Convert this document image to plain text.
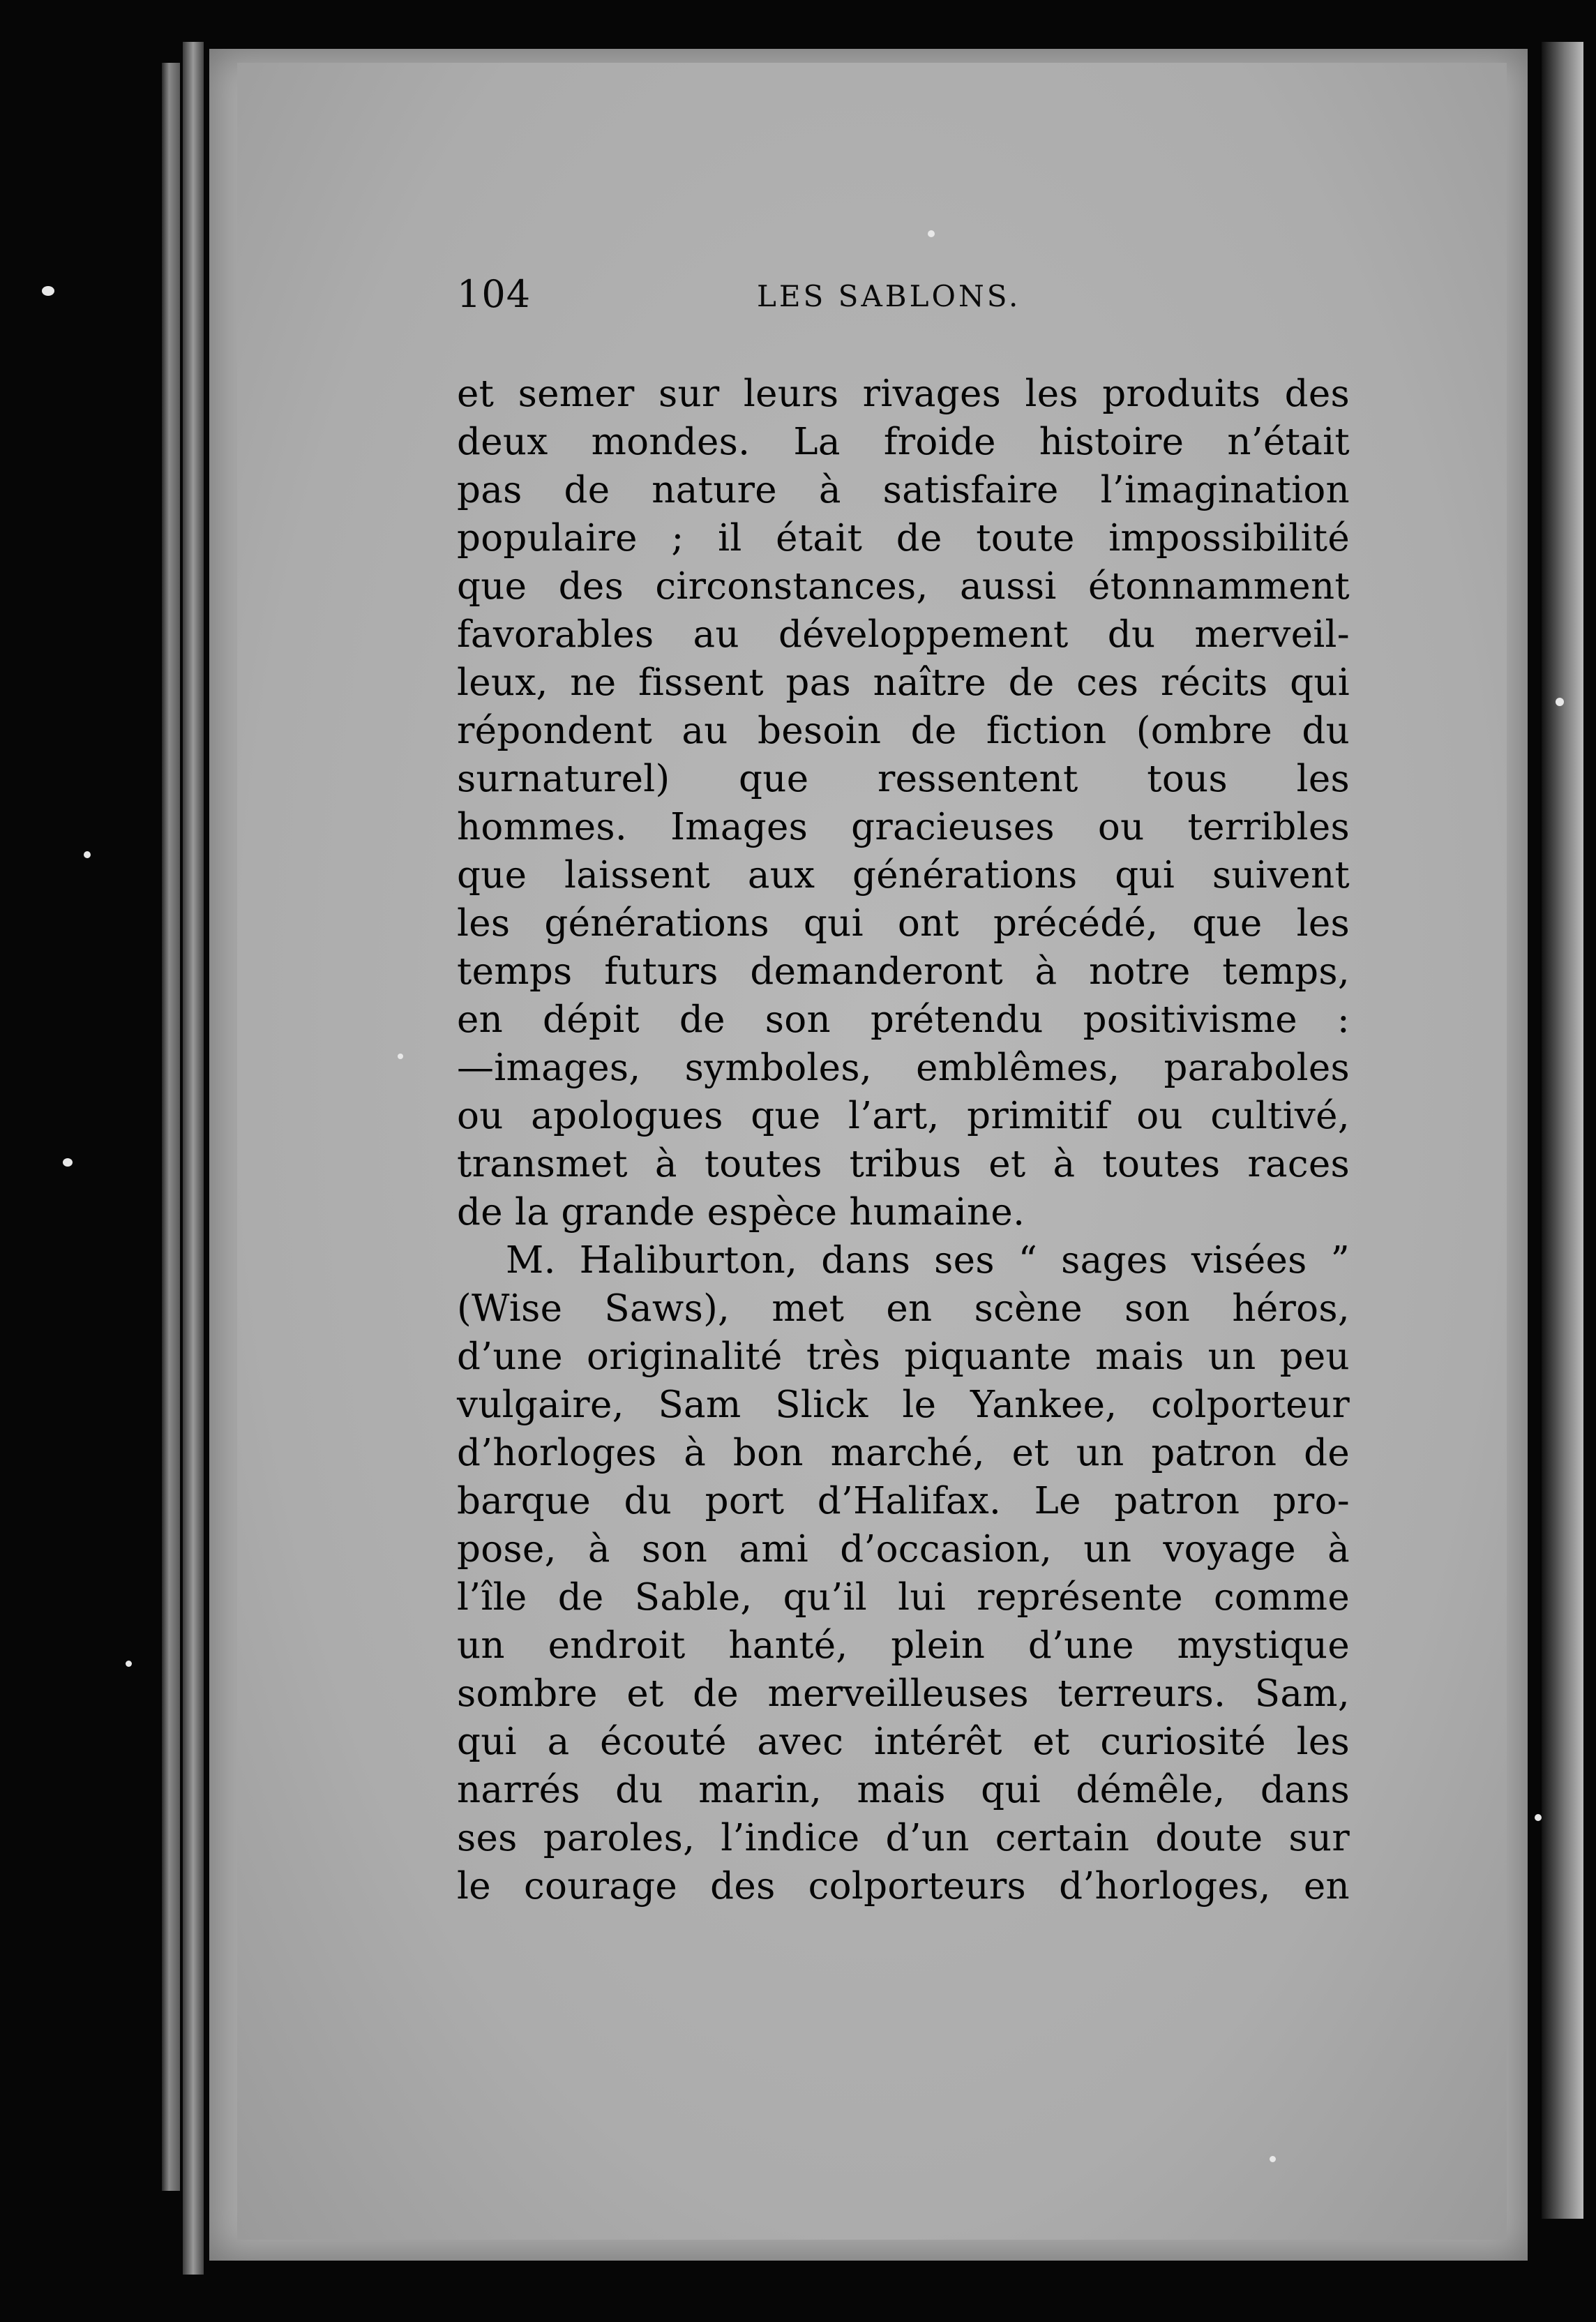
104	LES SABLONS.
et semer sur leurs rivages les produits des
deux mondes. La froide histoire n’était
pas de nature à satisfaire l’imagination
populaire ; il était de toute impossibilité
que des circonstances, aussi étonnamment
favorables au développement du merveil-
leux, ne fissent pas naître de ces récits qui
répondent au besoin de fiction (ombre du
surnaturel) que ressentent tous les
hommes. Images gracieuses ou terribles
que laissent aux générations qui suivent
les générations qui ont précédé, que les
temps futurs demanderont à notre temps,
en dépit de son prétendu positivisme :
—images, symboles, emblêmes, paraboles
ou apologues que l’art, primitif ou cultivé,
transmet à toutes tribus et à toutes races
de la grande espèce humaine.
M. Haliburton, dans ses “ sages visées ”
(Wise Saws), met en scène son héros,
d’une originalité très piquante mais un peu
vulgaire, Sam Slick le Yankee, colporteur
d’horloges à bon marché, et un patron de
barque du port d’Halifax. Le patron pro-
pose, à son ami d’occasion, un voyage à
l’île de Sable, qu’il lui représente comme
un endroit hanté, plein d’une mystique
sombre et de merveilleuses terreurs. Sam,
qui a écouté avec intérêt et curiosité les
narrés du marin, mais qui démêle, dans
ses paroles, l’indice d’un certain doute sur
le courage des colporteurs d’horloges, en
